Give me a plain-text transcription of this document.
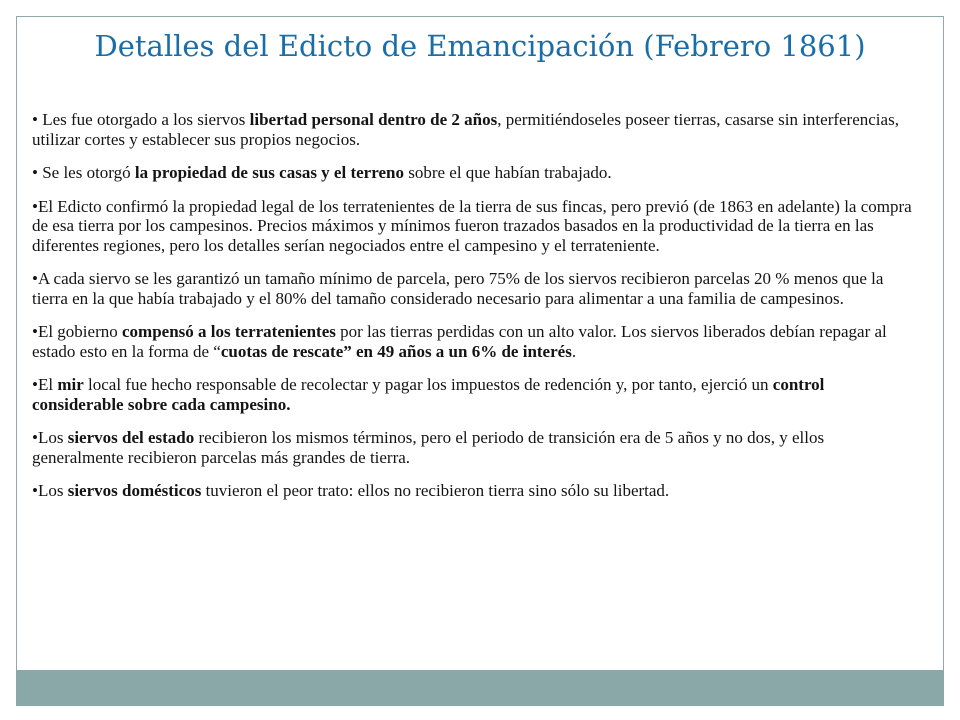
Detalles del Edicto de Emancipación (Febrero 1861)

• Les fue otorgado a los siervos libertad personal dentro de 2 años, permitiéndoseles poseer tierras, casarse sin interferencias, utilizar cortes y establecer sus propios negocios.

• Se les otorgó la propiedad de sus casas y el terreno sobre el que habían trabajado.

•El Edicto confirmó la propiedad legal de los terratenientes de la tierra de sus fincas, pero previó (de 1863 en adelante) la compra de esa tierra por los campesinos. Precios máximos y mínimos fueron trazados basados en la productividad de la tierra en las diferentes regiones, pero los detalles serían negociados entre el campesino y el terrateniente.

•A cada siervo se les garantizó un tamaño mínimo de parcela, pero 75% de los siervos recibieron parcelas 20 % menos que la tierra en la que había trabajado y el 80% del tamaño considerado necesario para alimentar a una familia de campesinos.

•El gobierno compensó a los terratenientes por las tierras perdidas con un alto valor. Los siervos liberados debían repagar al estado esto en la forma de “cuotas de rescate” en 49 años a un 6% de interés.

•El mir local fue hecho responsable de recolectar y pagar los impuestos de redención y, por tanto, ejerció un control considerable sobre cada campesino.

•Los siervos del estado recibieron los mismos términos, pero el periodo de transición era de 5 años y no dos, y ellos generalmente recibieron parcelas más grandes de tierra.

•Los siervos domésticos tuvieron el peor trato: ellos no recibieron tierra sino sólo su libertad.
